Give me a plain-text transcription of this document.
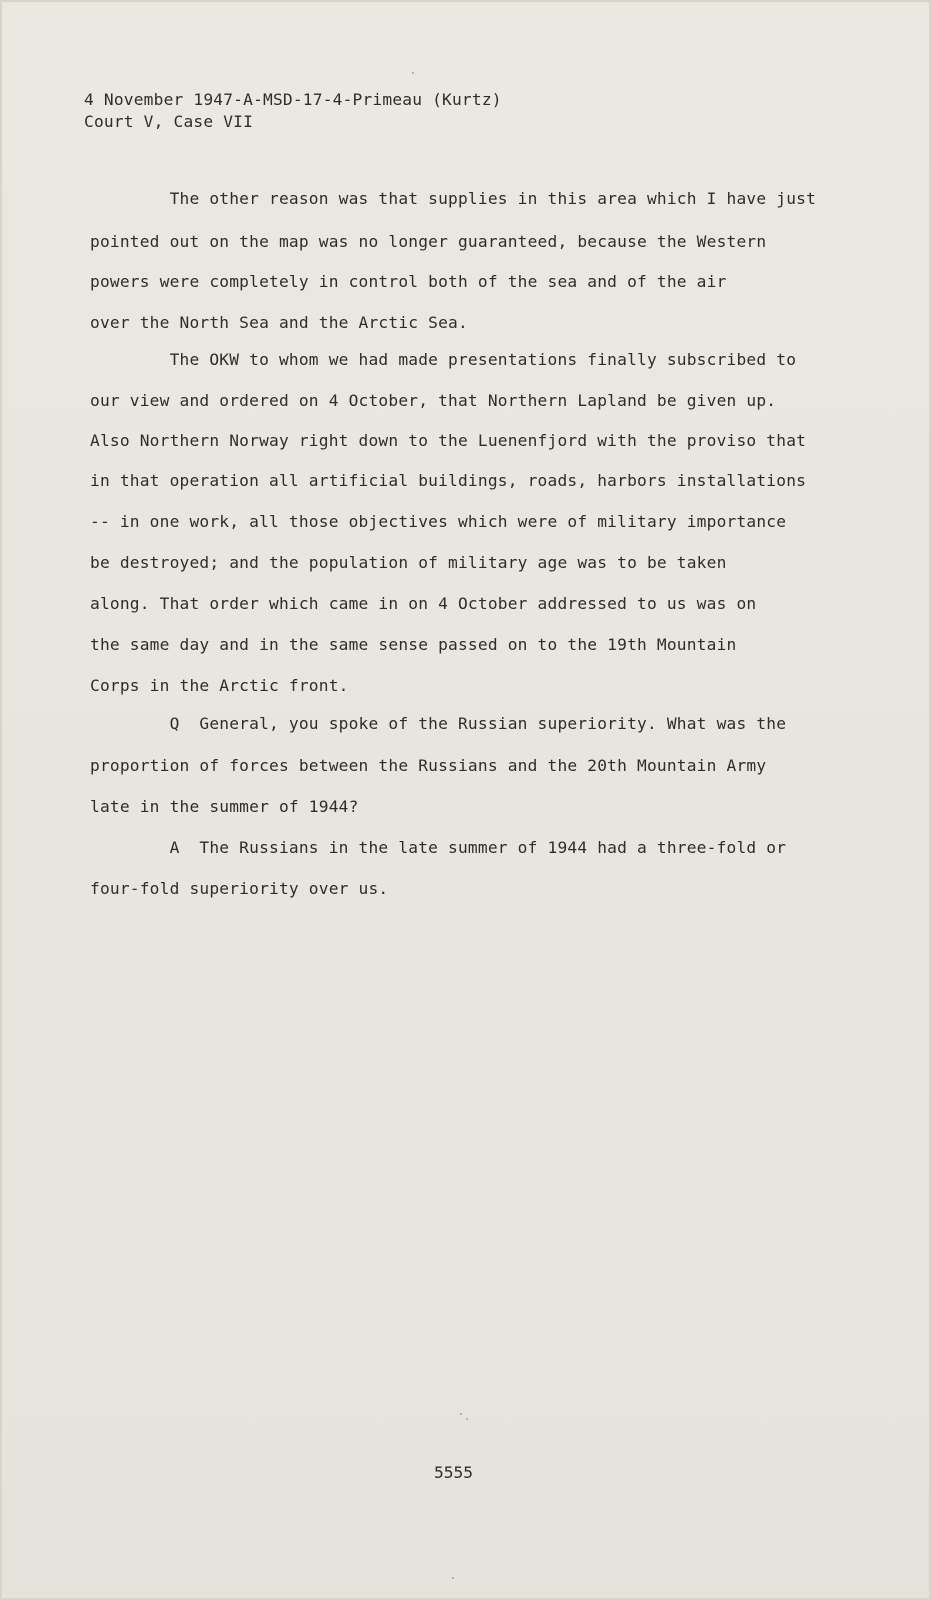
4 November 1947-A-MSD-17-4-Primeau (Kurtz)
Court V, Case VII
The other reason was that supplies in this area which I have just
pointed out on the map was no longer guaranteed, because the Western
powers were completely in control both of the sea and of the air
over the North Sea and the Arctic Sea.
The OKW to whom we had made presentations finally subscribed to
our view and ordered on 4 October, that Northern Lapland be given up.
Also Northern Norway right down to the Luenenfjord with the proviso that
in that operation all artificial buildings, roads, harbors installations
-- in one work, all those objectives which were of military importance
be destroyed; and the population of military age was to be taken
along. That order which came in on 4 October addressed to us was on
the same day and in the same sense passed on to the 19th Mountain
Corps in the Arctic front.
Q  General, you spoke of the Russian superiority. What was the
proportion of forces between the Russians and the 20th Mountain Army
late in the summer of 1944?
A  The Russians in the late summer of 1944 had a three-fold or
four-fold superiority over us.
5555
